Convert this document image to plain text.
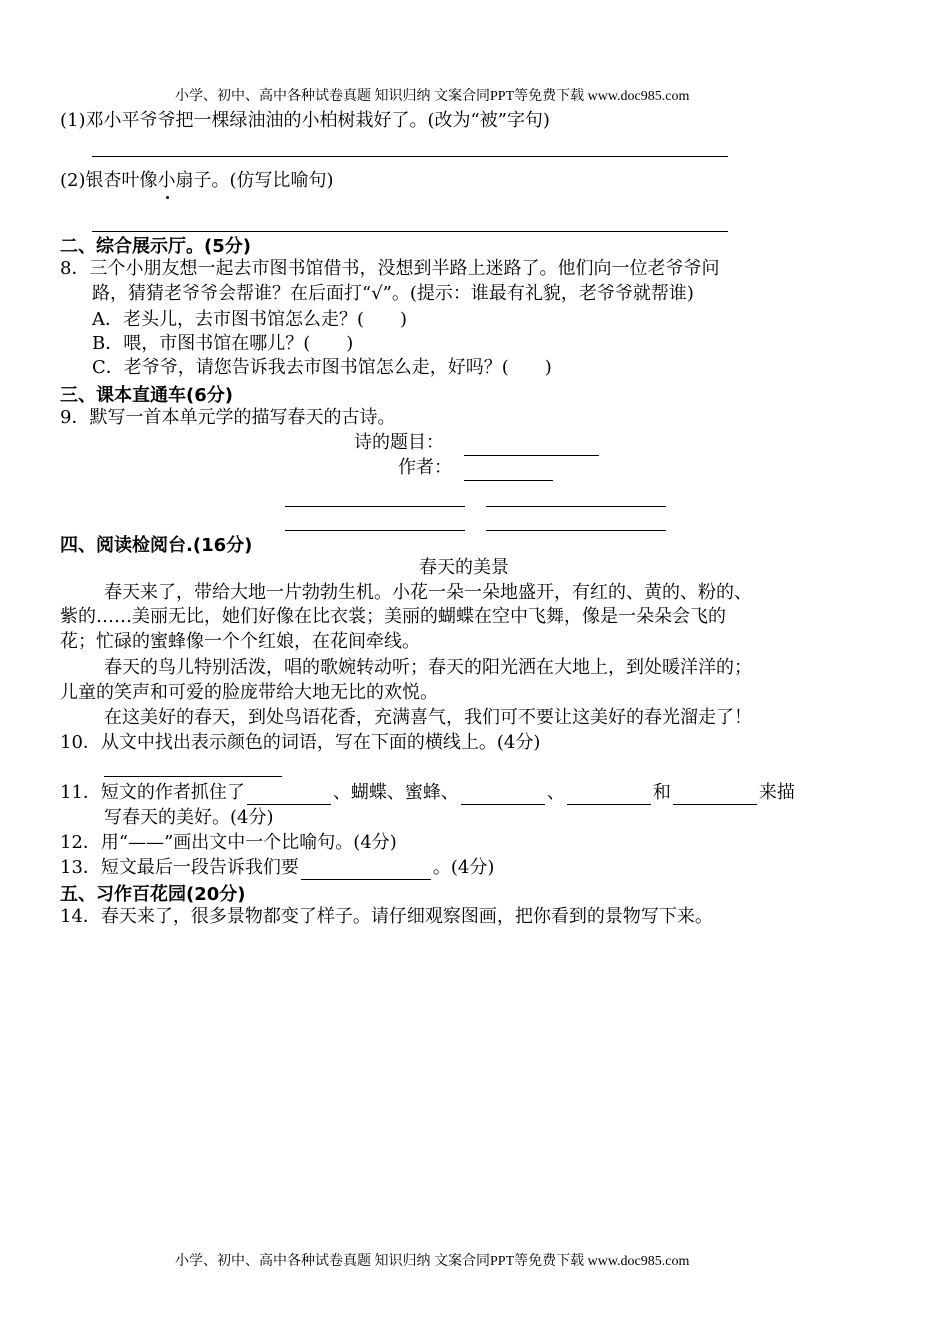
小学、初中、高中各种试卷真题 知识归纳 文案合同PPT等免费下载 www.doc985.com
(1)邓小平爷爷把一棵绿油油的小柏树栽好了。(改为“被”字句)
(2)银杏叶像小扇子。(仿写比喻句)
二、综合展示厅。(5分)
8．三个小朋友想一起去市图书馆借书，没想到半路上迷路了。他们向一位老爷爷问
路，猜猜老爷爷会帮谁？在后面打“√”。(提示：谁最有礼貌，老爷爷就帮谁)
A．老头儿，去市图书馆怎么走？(　　)
B．喂，市图书馆在哪儿？(　　)
C．老爷爷，请您告诉我去市图书馆怎么走，好吗？(　　)
三、课本直通车(6分)
9．默写一首本单元学的描写春天的古诗。
诗的题目：
作者：
四、阅读检阅台.(16分)
春天的美景
春天来了，带给大地一片勃勃生机。小花一朵一朵地盛开，有红的、黄的、粉的、
紫的……美丽无比，她们好像在比衣裳；美丽的蝴蝶在空中飞舞，像是一朵朵会飞的
花；忙碌的蜜蜂像一个个红娘，在花间牵线。
春天的鸟儿特别活泼，唱的歌婉转动听；春天的阳光洒在大地上，到处暖洋洋的；
儿童的笑声和可爱的脸庞带给大地无比的欢悦。
在这美好的春天，到处鸟语花香，充满喜气，我们可不要让这美好的春光溜走了！
10．从文中找出表示颜色的词语，写在下面的横线上。(4分)
11．短文的作者抓住了	、蝴蝶、蜜蜂、	、	和	来描
写春天的美好。(4分)
12．用“——”画出文中一个比喻句。(4分)
13．短文最后一段告诉我们要	。(4分)
五、习作百花园(20分)
14．春天来了，很多景物都变了样子。请仔细观察图画，把你看到的景物写下来。
小学、初中、高中各种试卷真题 知识归纳 文案合同PPT等免费下载 www.doc985.com
